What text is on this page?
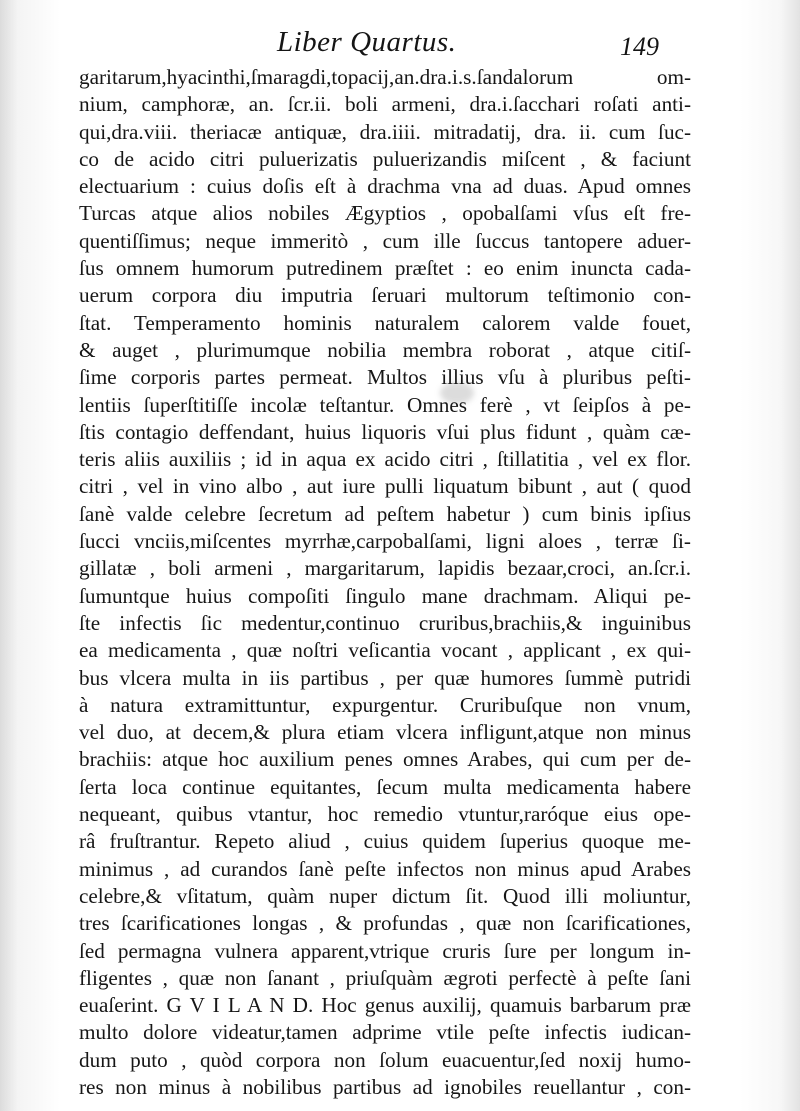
Liber Quartus.	149
garitarum,hyacinthi,ſmaragdi,topacij,an.dra.i.s.ſandalorum om-
nium, camphoræ, an. ſcr.ii. boli armeni, dra.i.ſacchari roſati anti-
qui,dra.viii. theriacæ antiquæ, dra.iiii. mitradatij, dra. ii. cum ſuc-
co de acido citri puluerizatis puluerizandis miſcent , & faciunt
electuarium : cuius doſis eſt à drachma vna ad duas. Apud omnes
Turcas atque alios nobiles Ægyptios , opobalſami vſus eſt fre-
quentiſſimus; neque immeritò , cum ille ſuccus tantopere aduer-
ſus omnem humorum putredinem præſtet : eo enim inuncta cada-
uerum corpora diu imputria ſeruari multorum teſtimonio con-
ſtat. Temperamento hominis naturalem calorem valde fouet,
& auget , plurimumque nobilia membra roborat , atque citiſ-
ſime corporis partes permeat. Multos illius vſu à pluribus peſti-
lentiis ſuperſtitiſſe incolæ teſtantur. Omnes ferè , vt ſeipſos à pe-
ſtis contagio deffendant, huius liquoris vſui plus fidunt , quàm cæ-
teris aliis auxiliis ; id in aqua ex acido citri , ſtillatitia , vel ex flor.
citri , vel in vino albo , aut iure pulli liquatum bibunt , aut ( quod
ſanè valde celebre ſecretum ad peſtem habetur ) cum binis ipſius
ſucci vnciis,miſcentes myrrhæ,carpobalſami, ligni aloes , terræ ſi-
gillatæ , boli armeni , margaritarum, lapidis bezaar,croci, an.ſcr.i.
ſumuntque huius compoſiti ſingulo mane drachmam. Aliqui pe-
ſte infectis ſic medentur,continuo cruribus,brachiis,& inguinibus
ea medicamenta , quæ noſtri veſicantia vocant , applicant , ex qui-
bus vlcera multa in iis partibus , per quæ humores ſummè putridi
à natura extramittuntur, expurgentur. Cruribuſque non vnum,
vel duo, at decem,& plura etiam vlcera infligunt,atque non minus
brachiis: atque hoc auxilium penes omnes Arabes, qui cum per de-
ſerta loca continue equitantes, ſecum multa medicamenta habere
nequeant, quibus vtantur, hoc remedio vtuntur,raróque eius ope-
râ fruſtrantur. Repeto aliud , cuius quidem ſuperius quoque me-
minimus , ad curandos ſanè peſte infectos non minus apud Arabes
celebre,& vſitatum, quàm nuper dictum ſit. Quod illi moliuntur,
tres ſcarificationes longas , & profundas , quæ non ſcarificationes,
ſed permagna vulnera apparent,vtrique cruris ſure per longum in-
fligentes , quæ non ſanant , priuſquàm ægroti perfectè à peſte ſani
euaſerint. G V I L A N D. Hoc genus auxilij, quamuis barbarum præ
multo dolore videatur,tamen adprime vtile peſte infectis iudican-
dum puto , quòd corpora non ſolum euacuentur,ſed noxij humo-
res non minus à nobilibus partibus ad ignobiles reuellantur , con-
